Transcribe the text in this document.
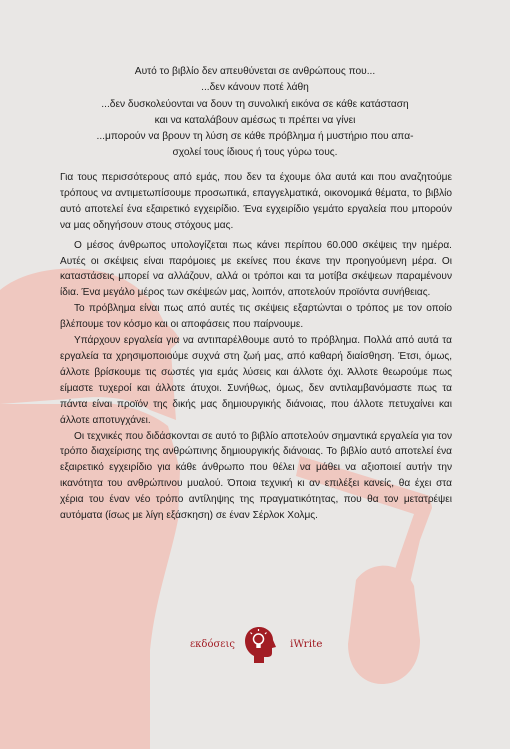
Αυτό το βιβλίο δεν απευθύνεται σε ανθρώπους που...

...δεν κάνουν ποτέ λάθη

...δεν δυσκολεύονται να δουν τη συνολική εικόνα σε κάθε κατάσταση

και να καταλάβουν αμέσως τι πρέπει να γίνει

...μπορούν να βρουν τη λύση σε κάθε πρόβλημα ή μυστήριο που απα-

σχολεί τους ίδιους ή τους γύρω τους.

Για τους περισσότερους από εμάς, που δεν τα έχουμε όλα αυτά και που αναζητούμε τρόπους να αντιμετωπίσουμε προσωπικά, επαγγελματικά, οικονομικά θέματα, το βιβλίο αυτό αποτελεί ένα εξαιρετικό εγχειρίδιο. Ένα εγχειρίδιο γεμάτο εργαλεία που μπορούν να μας οδηγήσουν στους στόχους μας.

Ο μέσος άνθρωπος υπολογίζεται πως κάνει περίπου 60.000 σκέψεις την ημέρα. Αυτές οι σκέψεις είναι παρόμοιες με εκείνες που έκανε την προηγούμενη μέρα. Οι καταστάσεις μπορεί να αλλάζουν, αλλά οι τρόποι και τα μοτίβα σκέψεων παραμένουν ίδια. Ένα μεγάλο μέρος των σκέψεών μας, λοιπόν, αποτελούν προϊόντα συνήθειας.

Το πρόβλημα είναι πως από αυτές τις σκέψεις εξαρτώνται ο τρόπος με τον οποίο βλέπουμε τον κόσμο και οι αποφάσεις που παίρνουμε.

Υπάρχουν εργαλεία για να αντιπαρέλθουμε αυτό το πρόβλημα. Πολλά από αυτά τα εργαλεία τα χρησιμοποιούμε συχνά στη ζωή μας, από καθαρή διαίσθηση. Έτσι, όμως, άλλοτε βρίσκουμε τις σωστές για εμάς λύσεις και άλλοτε όχι. Άλλοτε θεωρούμε πως είμαστε τυχεροί και άλλοτε άτυχοι. Συνήθως, όμως, δεν αντιλαμβανόμαστε πως τα πάντα είναι προϊόν της δικής μας δημιουργικής διάνοιας, που άλλοτε πετυχαίνει και άλλοτε αποτυγχάνει.

Οι τεχνικές που διδάσκονται σε αυτό το βιβλίο αποτελούν σημαντικά εργαλεία για τον τρόπο διαχείρισης της ανθρώπινης δημιουργικής διάνοιας. Το βιβλίο αυτό αποτελεί ένα εξαιρετικό εγχειρίδιο για κάθε άνθρωπο που θέλει να μάθει να αξιοποιεί αυτήν την ικανότητα του ανθρώπινου μυαλού. Όποια τεχνική κι αν επιλέξει κανείς, θα έχει στα χέρια του έναν νέο τρόπο αντίληψης της πραγματικότητας, που θα τον μετατρέψει αυτόματα (ίσως με λίγη εξάσκηση) σε έναν Σέρλοκ Χολμς.

εκδόσεις	iWrite
